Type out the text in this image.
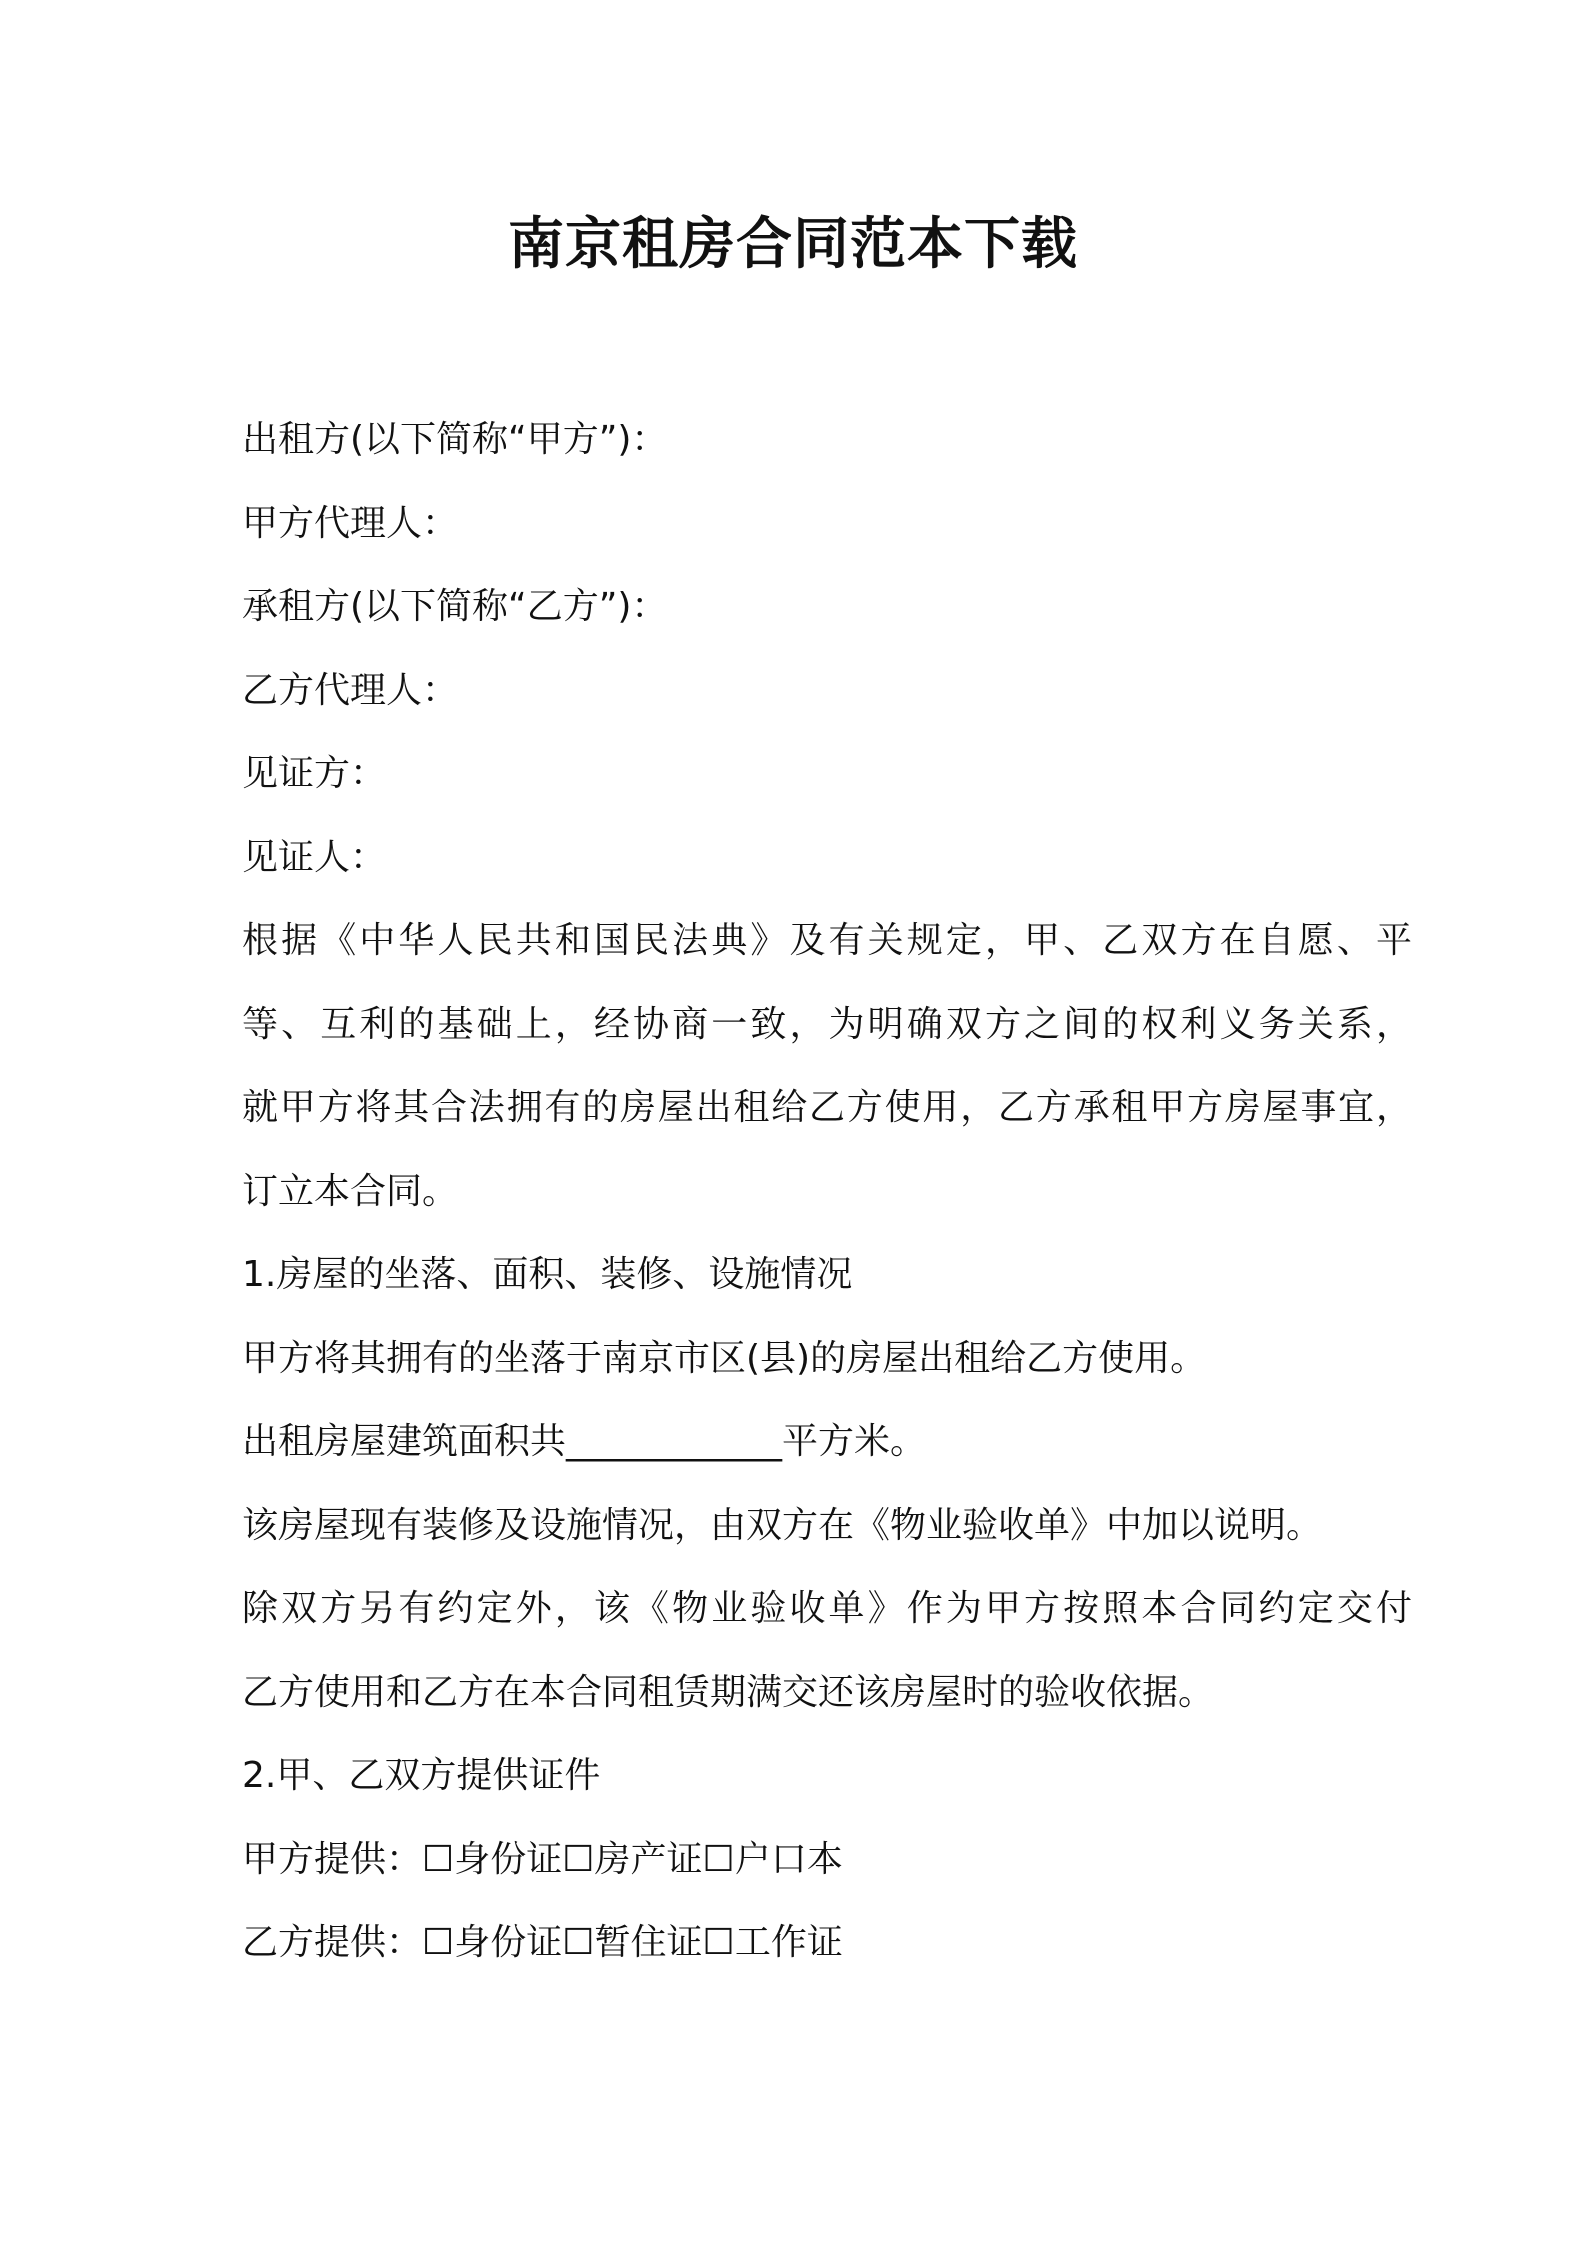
南京租房合同范本下载
出租方(以下简称“甲方”)：
甲方代理人：
承租方(以下简称“乙方”)：
乙方代理人：
见证方：
见证人：
根据《中华人民共和国民法典》及有关规定，甲、乙双方在自愿、平
等、互利的基础上，经协商一致，为明确双方之间的权利义务关系，
就甲方将其合法拥有的房屋出租给乙方使用，乙方承租甲方房屋事宜，
订立本合同。
1.房屋的坐落、面积、装修、设施情况
甲方将其拥有的坐落于南京市区(县)的房屋出租给乙方使用。
出租房屋建筑面积共____________平方米。
该房屋现有装修及设施情况，由双方在《物业验收单》中加以说明。
除双方另有约定外，该《物业验收单》作为甲方按照本合同约定交付
乙方使用和乙方在本合同租赁期满交还该房屋时的验收依据。
2.甲、乙双方提供证件
甲方提供：☐身份证☐房产证☐户口本
乙方提供：☐身份证☐暂住证☐工作证
